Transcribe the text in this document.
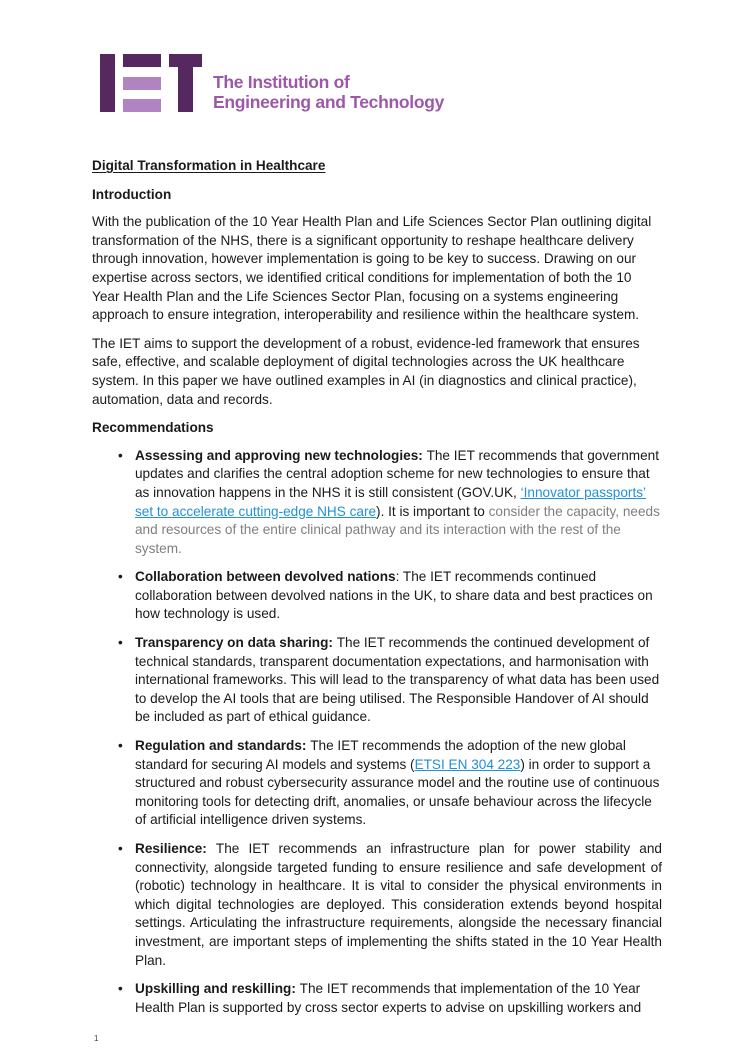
The Institution of
Engineering and Technology
Digital Transformation in Healthcare
Introduction

With the publication of the 10 Year Health Plan and Life Sciences Sector Plan outlining digital transformation of the NHS, there is a significant opportunity to reshape healthcare delivery through innovation, however implementation is going to be key to success. Drawing on our expertise across sectors, we identified critical conditions for implementation of both the 10 Year Health Plan and the Life Sciences Sector Plan, focusing on a systems engineering approach to ensure integration, interoperability and resilience within the healthcare system.

The IET aims to support the development of a robust, evidence-led framework that ensures safe, effective, and scalable deployment of digital technologies across the UK healthcare system. In this paper we have outlined examples in AI (in diagnostics and clinical practice), automation, data and records.

Recommendations
• Assessing and approving new technologies: The IET recommends that government updates and clarifies the central adoption scheme for new technologies to ensure that as innovation happens in the NHS it is still consistent (GOV.UK, ‘Innovator passports’ set to accelerate cutting-edge NHS care). It is important to consider the capacity, needs and resources of the entire clinical pathway and its interaction with the rest of the system.
• Collaboration between devolved nations: The IET recommends continued collaboration between devolved nations in the UK, to share data and best practices on how technology is used.
• Transparency on data sharing: The IET recommends the continued development of technical standards, transparent documentation expectations, and harmonisation with international frameworks. This will lead to the transparency of what data has been used to develop the AI tools that are being utilised. The Responsible Handover of AI should be included as part of ethical guidance.
• Regulation and standards: The IET recommends the adoption of the new global standard for securing AI models and systems (ETSI EN 304 223) in order to support a structured and robust cybersecurity assurance model and the routine use of continuous monitoring tools for detecting drift, anomalies, or unsafe behaviour across the lifecycle of artificial intelligence driven systems.
• Resilience: The IET recommends an infrastructure plan for power stability and connectivity, alongside targeted funding to ensure resilience and safe development of (robotic) technology in healthcare. It is vital to consider the physical environments in which digital technologies are deployed. This consideration extends beyond hospital settings. Articulating the infrastructure requirements, alongside the necessary financial investment, are important steps of implementing the shifts stated in the 10 Year Health Plan.
• Upskilling and reskilling: The IET recommends that implementation of the 10 Year Health Plan is supported by cross sector experts to advise on upskilling workers and
1
